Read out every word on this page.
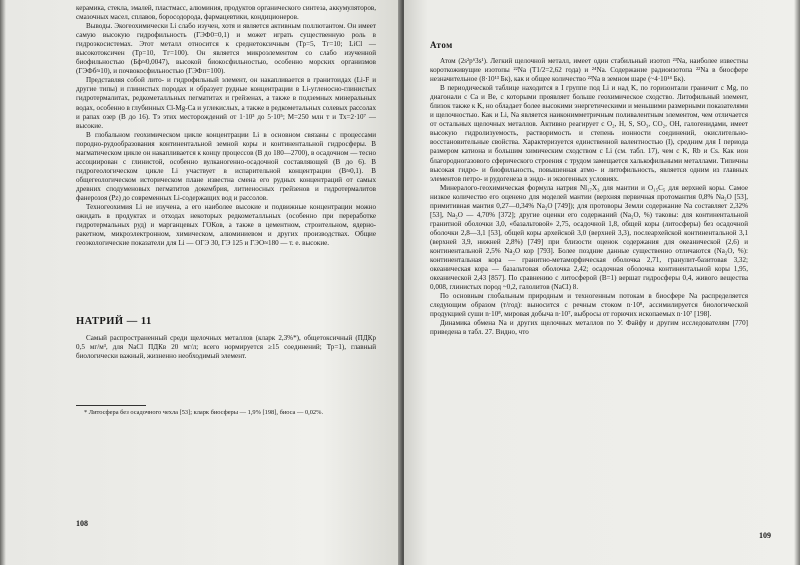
керамика, стекла, эмалей, пластмасс, алюминия, продуктов органического синтеза, аккумуляторов, смазочных масел, сплавов, боросодорода, фармацевтики, кондиционеров.

Выводы. Экогеохимически Li слабо изучен, хотя и является активным поллютантом. Он имеет самую высокую гидрофильность (ГЭФ0=0,1) и может играть существенную роль в гидроэкосистемах. Этот металл относится к среднетоксичным (Тр=5, Тг=10; LiCl — высокотоксичен (Тр=10, Тг=100). Он является микроэлементом со слабо изученной биофильностью (Бф≈0,0047), высокой биокосфильностью, особенно морских организмов (ГЭФб≈10), и почвокосфильностью (ГЭФп=100).

Представляя собой лито- и гидрофильный элемент, он накапливается в гранитоидах (Li-F и другие типы) и глинистых породах и образует рудные концентрации в Li-угленосно-глинистых гидротермалитах, редкометалльных пегматитах и грейзенах, а также в подземных минеральных водах, особенно в глубинных Cl-Mg-Ca и углекислых, а также в редкометальных солевых рассолах и рапах озер (В до 16). Тэ этих месторождений от 1·10³ до 5·10⁵; M=250 млн т и Тх=2·10⁷ — высокие.

В глобальном геохимическом цикле концентрации Li в основном связаны с процессами породно-рудообразования континентальной земной коры и континентальной гидросферы. В магматическом цикле он накапливается к концу процессов (В до 180—2700), в осадочном — тесно ассоциирован с глинистой, особенно вулканогенно-осадочной составляющей (В до 6). В гидрогеологическом цикле Li участвует в испарительной концентрации (В≈0,1). В общегеологическом историческом плане известна смена его рудных концентраций от самых древних сподуменовых пегматитов докембрия, литиеносных грейзенов и гидротермалитов фанерозоя (Pz) до современных Li-содержащих вод и рассолов.

Техногеохимия Li не изучена, а его наиболее высокие и подвижные концентрации можно ожидать в продуктах и отходах некоторых редкометалльных (особенно при переработке гидротермальных руд) и марганцевых ГОКов, а также в цементном, строительном, ядерно-ракетном, микроэлектронном, химическом, алюминиевом и других производствах. Общие геоэкологические показатели для Li — ОГЭ 30, ГЭ 125 и ГЭО≈180 — т. е. высокие.

НАТРИЙ — 11

Самый распространенный среди щелочных металлов (кларк 2,3%*), общетоксичный (ПДКр 0,5 мг/м³, для NaCl ПДКв 20 мг/л; всего нормируется ≥15 соединений; Тр=1), главный биологически важный, жизненно необходимый элемент.

* Литосфера без осадочного чехла [53]; кларк биосферы — 1,9% [198], биоса — 0,02%.

108
Атом

Атом (2s²p⁶3s¹). Легкий щелочной металл, имеет один стабильный изотоп ²³Na, наиболее известны короткоживущие изотопы ²²Na (T1/2=2,62 года) и ²⁴Na. Содержание радиоизотопа ²²Na в биосфере незначительное (8·10¹³ Бк), как и общее количество ²²Na в земном шаре (~4·10¹⁴ Бк).

В периодической таблице находится в I группе под Li и над K, по горизонтали граничит с Mg, по диагонали с Ca и Be, с которыми проявляет больше геохимическое сходство. Литофильный элемент, близок также к K, но обладает более высокими энергетическими и меньшими размерными показателями и щелочностью. Как и Li, Na является наиконимметричным поливалентным элементом, чем отличается от остальных щелочных металлов. Активно реагирует с O₂, H, S, SO₃, CO₂, OH, галогенидами, имеет высокую гидролизуемость, растворимость и степень ионности соединений, окислительно-восстановительные свойства. Характеризуется единственной валентностью (I), средним для I периода размером катиона и большим химическим сходством с Li (см. табл. 17), чем с K, Rb и Cs. Как ион благородногазового сферического строения с трудом замещается халькофильными металлами. Типичны высокая гидро- и биофильность, повышенная атмо- и литофильность, является одним из главных элементов петро- и рудогенеза в эндо- и экзогенных условиях.

Минералого-геохимическая формула натрия Nl₁₇X₃ для мантии и O₁₅C₅ для верхней коры. Самое низкое количество его оценено для моделей мантии (верхняя первичная протомантия 0,8% Na₂O [53], примитивная мантия 0,27—0,34% Na₂O [749]); для протоворы Земли содержание Na составляет 2,32% [53], Na₂O — 4,70% [372]; другие оценки его содержаний (Na₂O, %) таковы: для континентальной гранитной оболочки 3,0, «базальтовой» 2,75, осадочной 1,8, общей коры (литосферы) без осадочной оболочки 2,8—3,1 [53], общей коры архейской 3,0 (верхней 3,3), послеархейской континентальной 3,1 (верхней 3,9, нижней 2,8%) [749] при близости оценок содержания для океанической (2,6) и континентальной 2,5% Na₂O кор [793]. Более поздние данные существенно отличаются (Na₂O, %): континентальная кора — гранитно-метаморфическая оболочка 2,71, гранулит-базитовая 3,32; океаническая кора — базальтовая оболочка 2,42; осадочная оболочка континентальной коры 1,95, океанической 2,43 [857]. По сравнению с литосферой (В=1) вершат гидросферы 0,4, живого вещества 0,008, глинистых пород ~0,2, галолитов (NaCl) 8.

По основным глобальным природным и техногенным потокам в биосфере Na распределяется следующим образом (т/год): выносится с речным стоком n·10⁸, ассимилируется биологической продукцией суши n·10⁸, мировая добыча n·10⁷, выбросы от горючих ископаемых n·10⁷ [198].

Динамика обмена Na и других щелочных металлов по У. Файфу и другим исследователям [770] приведена в табл. 27. Видно, что

109
